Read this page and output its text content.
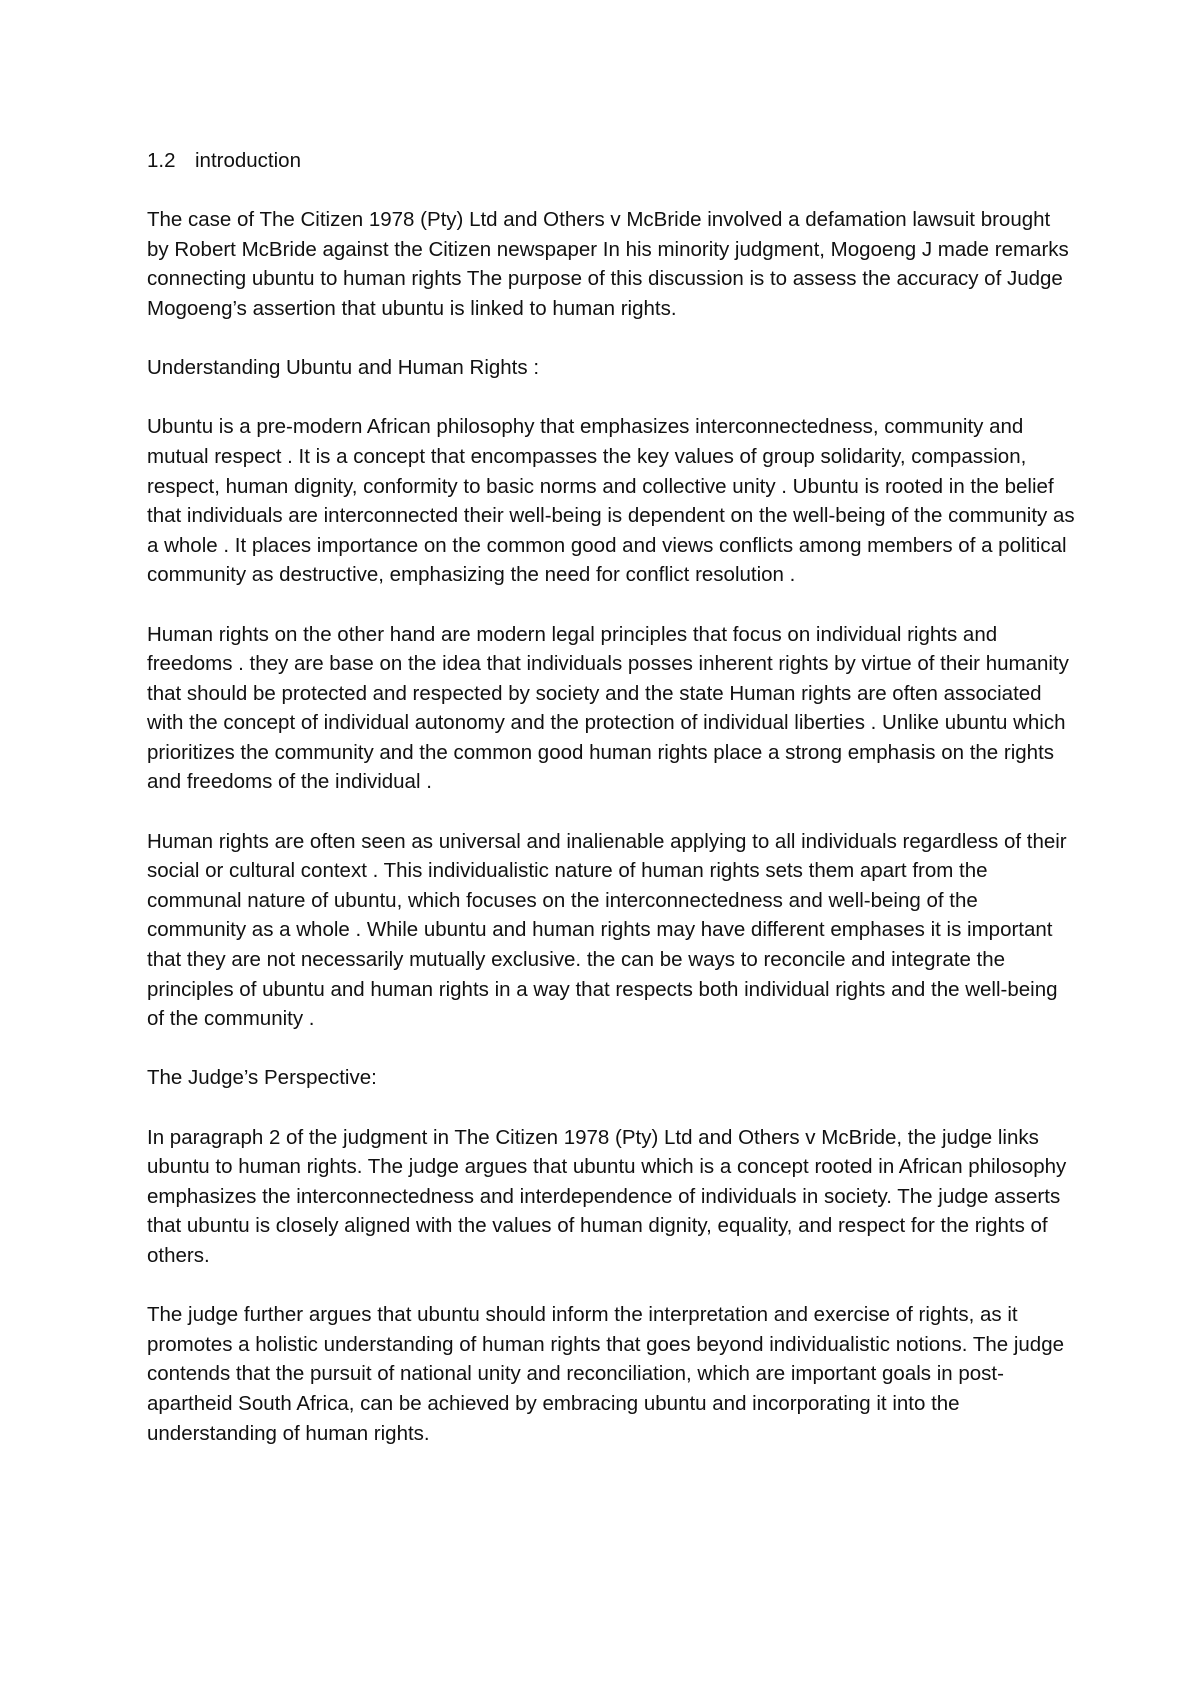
1.2 introduction

The case of The Citizen 1978 (Pty) Ltd and Others v McBride involved a defamation lawsuit brought by Robert McBride against the Citizen newspaper In his minority judgment, Mogoeng J made remarks connecting ubuntu to human rights The purpose of this discussion is to assess the accuracy of Judge Mogoeng’s assertion that ubuntu is linked to human rights.

Understanding Ubuntu and Human Rights :

Ubuntu is a pre-modern African philosophy that emphasizes interconnectedness, community and mutual respect . It is a concept that encompasses the key values of group solidarity, compassion, respect, human dignity, conformity to basic norms and collective unity . Ubuntu is rooted in the belief that individuals are interconnected their well-being is dependent on the well-being of the community as a whole . It places importance on the common good and views conflicts among members of a political community as destructive, emphasizing the need for conflict resolution .

Human rights on the other hand are modern legal principles that focus on individual rights and freedoms . they are base on the idea that individuals posses inherent rights by virtue of their humanity that should be protected and respected by society and the state Human rights are often associated with the concept of individual autonomy and the protection of individual liberties . Unlike ubuntu which prioritizes the community and the common good human rights place a strong emphasis on the rights and freedoms of the individual .

Human rights are often seen as universal and inalienable applying to all individuals regardless of their social or cultural context . This individualistic nature of human rights sets them apart from the communal nature of ubuntu, which focuses on the interconnectedness and well-being of the community as a whole . While ubuntu and human rights may have different emphases it is important that they are not necessarily mutually exclusive. the can be ways to reconcile and integrate the principles of ubuntu and human rights in a way that respects both individual rights and the well-being of the community .

The Judge’s Perspective:

In paragraph 2 of the judgment in The Citizen 1978 (Pty) Ltd and Others v McBride, the judge links ubuntu to human rights. The judge argues that ubuntu which is a concept rooted in African philosophy emphasizes the interconnectedness and interdependence of individuals in society. The judge asserts that ubuntu is closely aligned with the values of human dignity, equality, and respect for the rights of others.

The judge further argues that ubuntu should inform the interpretation and exercise of rights, as it promotes a holistic understanding of human rights that goes beyond individualistic notions. The judge contends that the pursuit of national unity and reconciliation, which are important goals in post-apartheid South Africa, can be achieved by embracing ubuntu and incorporating it into the understanding of human rights.
